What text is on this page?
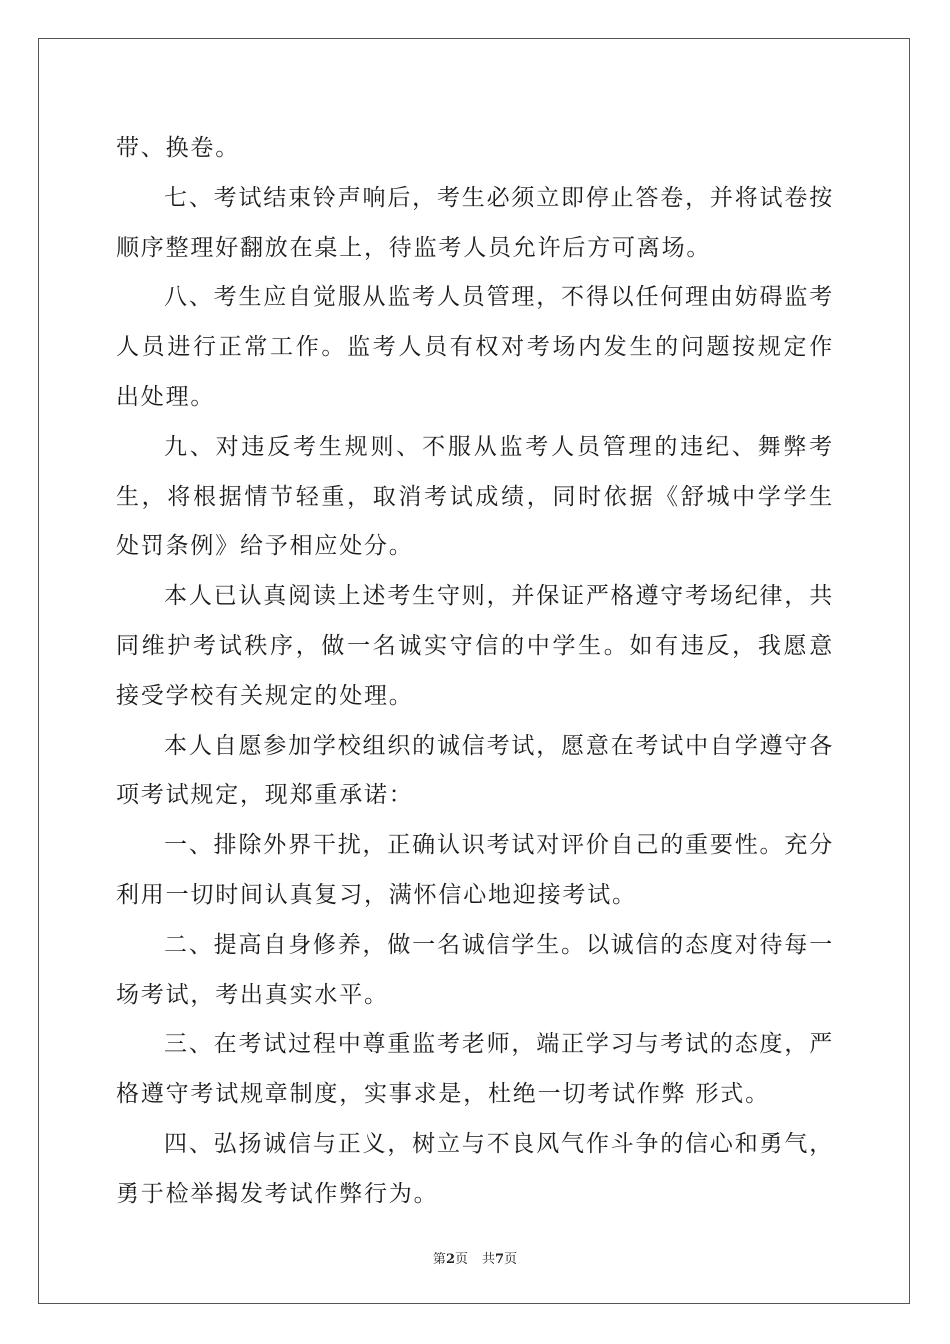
带、换卷。

七、考试结束铃声响后，考生必须立即停止答卷，并将试卷按顺序整理好翻放在桌上，待监考人员允许后方可离场。

八、考生应自觉服从监考人员管理，不得以任何理由妨碍监考人员进行正常工作。监考人员有权对考场内发生的问题按规定作出处理。

九、对违反考生规则、不服从监考人员管理的违纪、舞弊考生，将根据情节轻重，取消考试成绩，同时依据《舒城中学学生处罚条例》给予相应处分。

本人已认真阅读上述考生守则，并保证严格遵守考场纪律，共同维护考试秩序，做一名诚实守信的中学生。如有违反，我愿意接受学校有关规定的处理。

本人自愿参加学校组织的诚信考试，愿意在考试中自学遵守各项考试规定，现郑重承诺：

一、排除外界干扰，正确认识考试对评价自己的重要性。充分利用一切时间认真复习，满怀信心地迎接考试。

二、提高自身修养，做一名诚信学生。以诚信的态度对待每一场考试，考出真实水平。

三、在考试过程中尊重监考老师，端正学习与考试的态度，严格遵守考试规章制度，实事求是，杜绝一切考试作弊 形式。

四、弘扬诚信与正义，树立与不良风气作斗争的信心和勇气，勇于检举揭发考试作弊行为。

第2页 共7页
